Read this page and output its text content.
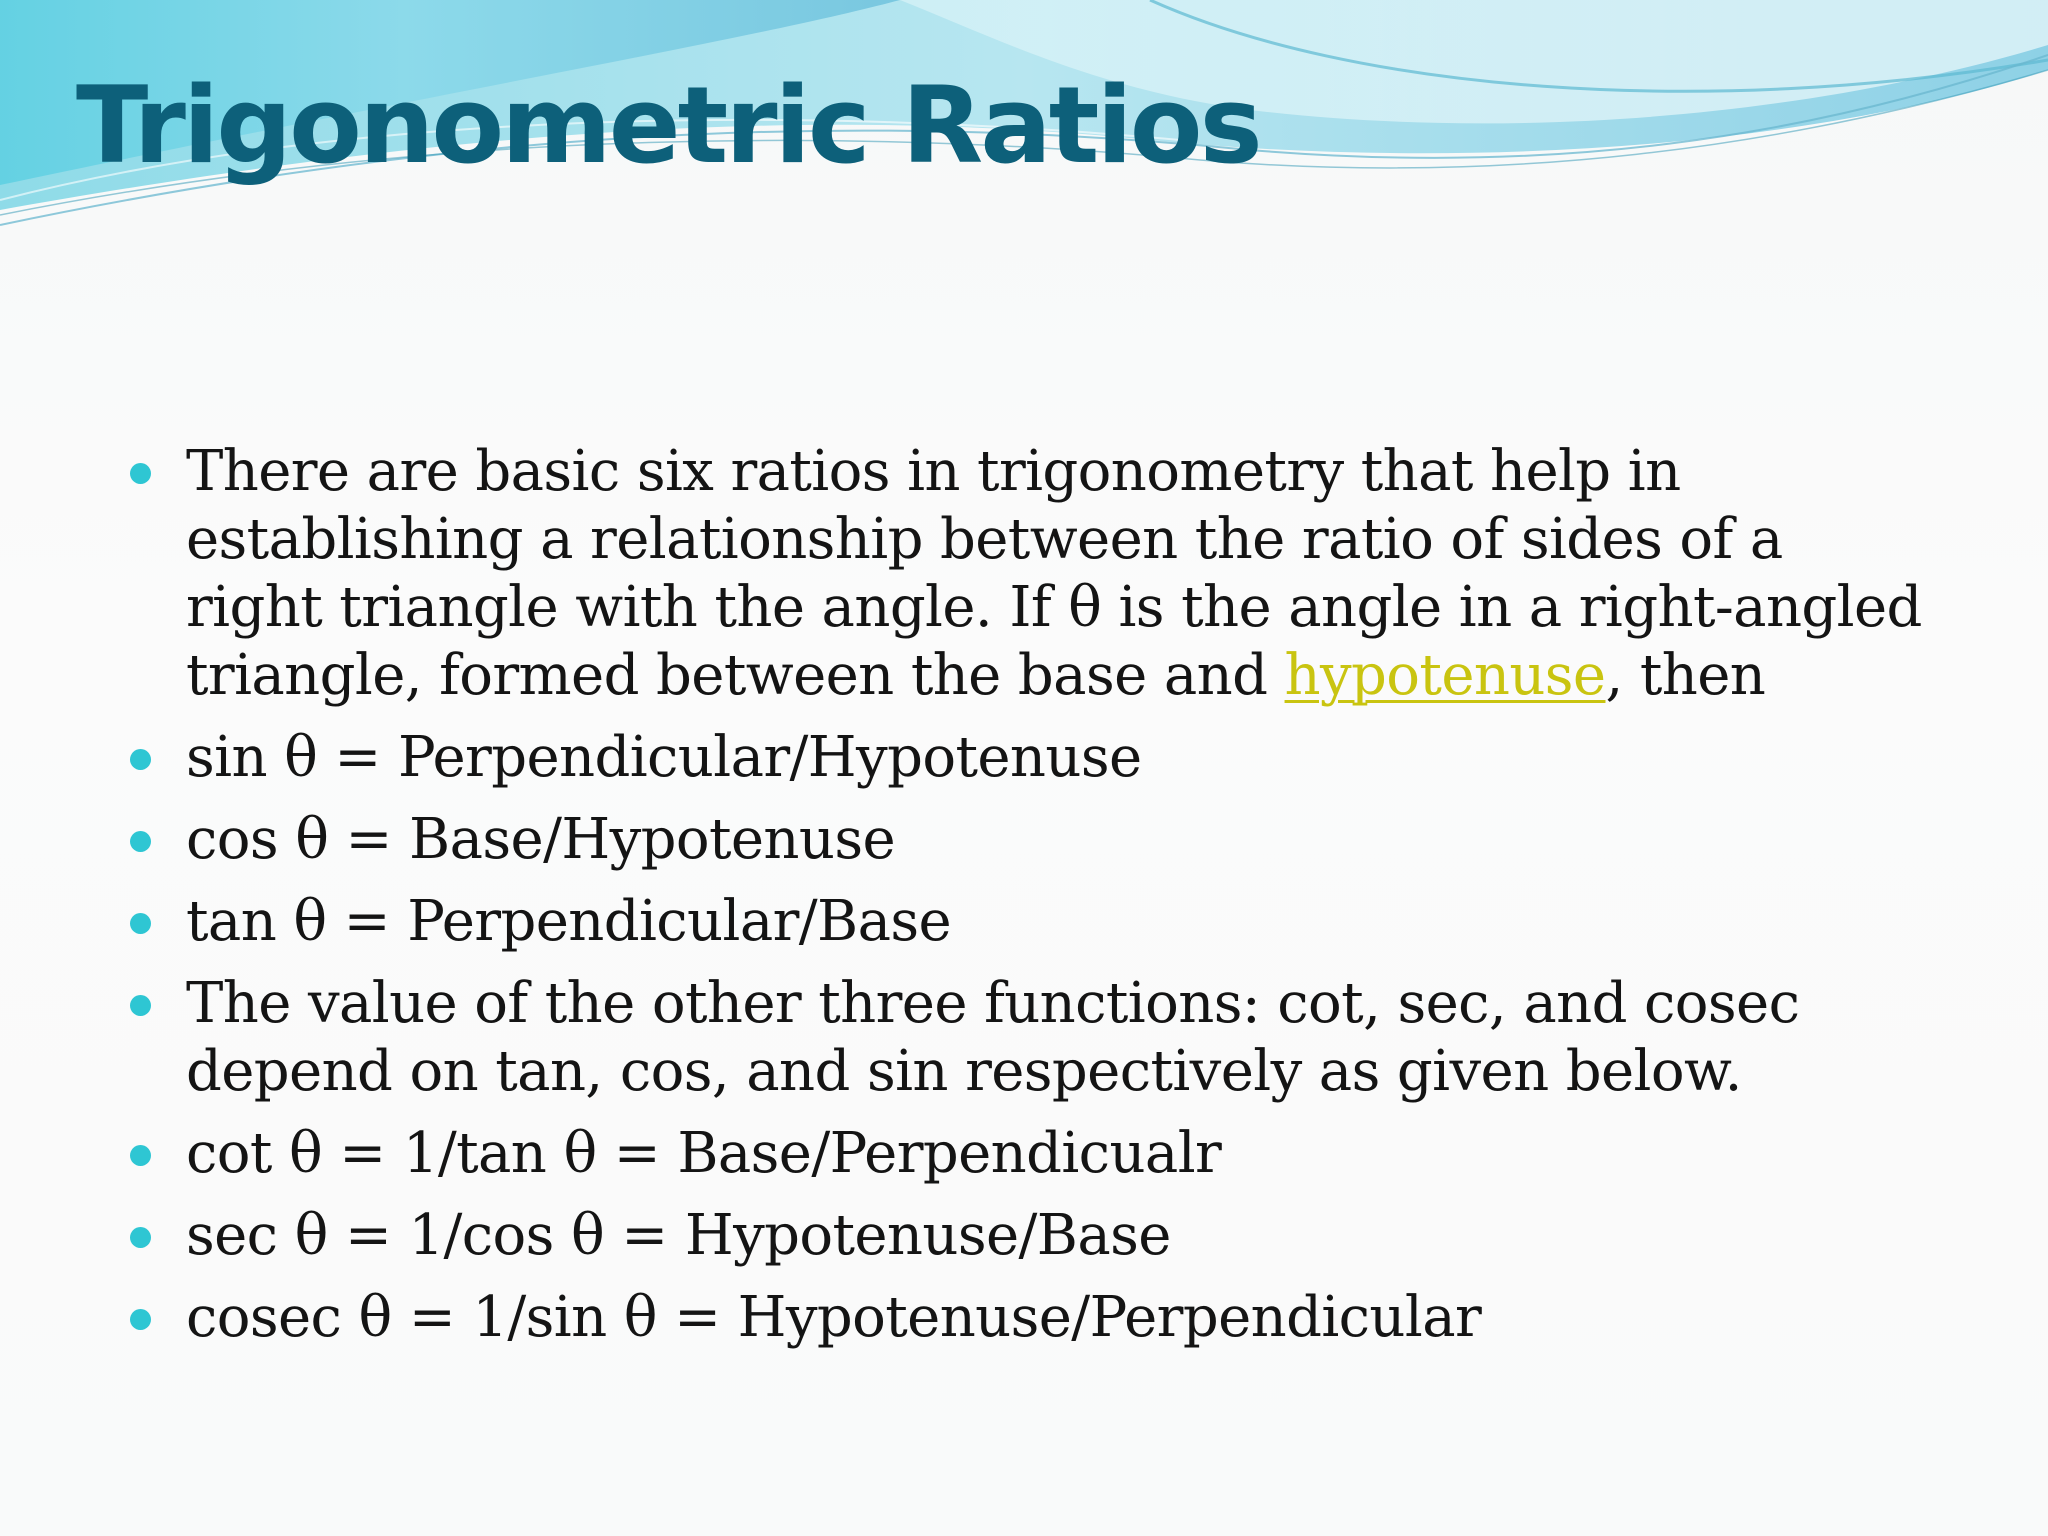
Trigonometric Ratios
There are basic six ratios in trigonometry that help in establishing a relationship between the ratio of sides of a right triangle with the angle. If θ is the angle in a right-angled triangle, formed between the base and hypotenuse, then
sin θ = Perpendicular/Hypotenuse
cos θ = Base/Hypotenuse
tan θ = Perpendicular/Base
The value of the other three functions: cot, sec, and cosec depend on tan, cos, and sin respectively as given below.
cot θ = 1/tan θ = Base/Perpendicualr
sec θ = 1/cos θ = Hypotenuse/Base
cosec θ = 1/sin θ = Hypotenuse/Perpendicular
